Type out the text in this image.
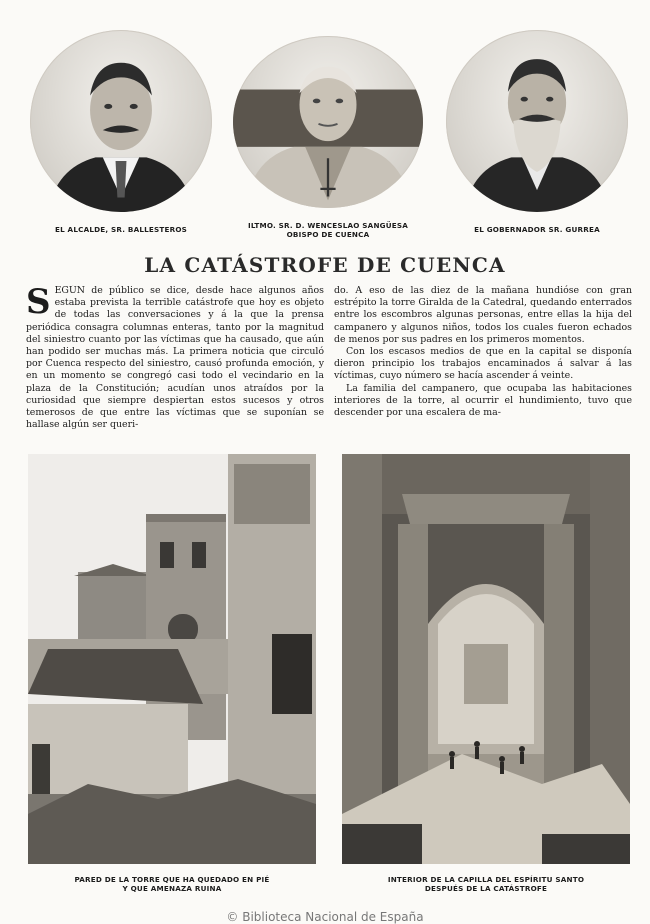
EL ALCALDE, SR. BALLESTEROS	ILTMO. SR. D. WENCESLAO SANGÜESA
OBISPO DE CUENCA
EL GOBERNADOR SR. GURREA
LA CATÁSTROFE DE CUENCA

SEGÚN de público se dice, desde hace algunos años estaba prevista la terrible catástrofe que hoy es objeto de todas las conversaciones y á la que la prensa periódica consagra columnas enteras, tanto por la magnitud del siniestro cuanto por las víctimas que ha causado, que aún han podido ser muchas más. La primera noticia que circuló por Cuenca respecto del siniestro, causó profunda emoción, y en un momento se congregó casi todo el vecindario en la plaza de la Constitución; acudían unos atraídos por la curiosidad que siempre despiertan estos sucesos y otros temerosos de que entre las víctimas que se suponían se hallase algún ser queri-

do. A eso de las diez de la mañana hundióse con gran estrépito la torre Giralda de la Catedral, quedando enterrados entre los escombros algunas personas, entre ellas la hija del campanero y algunos niños, todos los cuales fueron echados de menos por sus padres en los primeros momentos.

Con los escasos medios de que en la capital se disponía dieron principio los trabajos encaminados á salvar á las víctimas, cuyo número se hacía ascender á veinte.

La familia del campanero, que ocupaba las habitaciones interiores de la torre, al ocurrir el hundimiento, tuvo que descender por una escalera de ma-

PARED DE LA TORRE QUE HA QUEDADO EN PIÉ
Y QUE AMENAZA RUINA
INTERIOR DE LA CAPILLA DEL ESPÍRITU SANTO
DESPUÉS DE LA CATÁSTROFE
© Biblioteca Nacional de España
